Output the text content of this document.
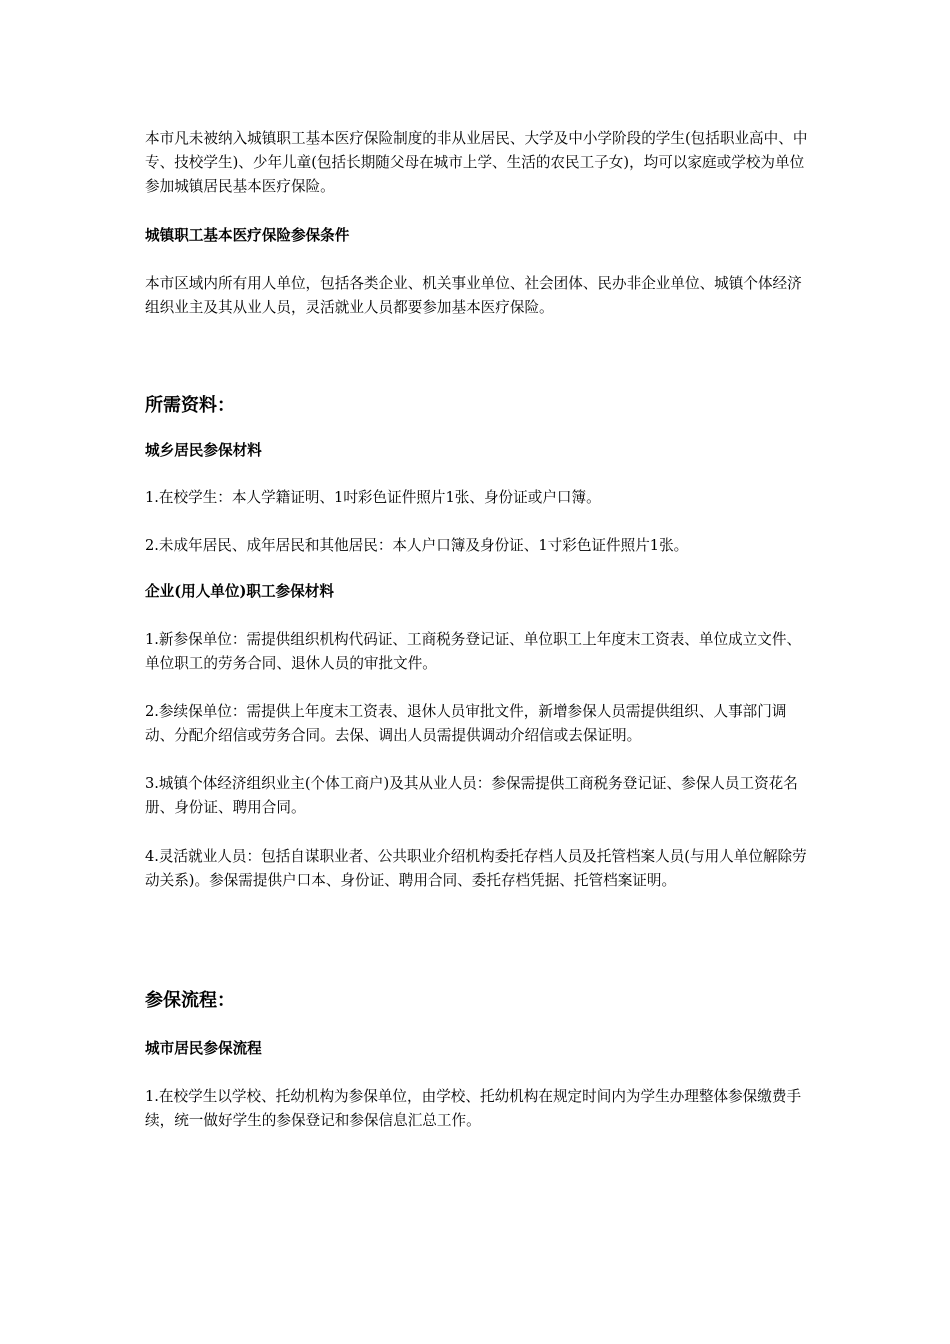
本市凡未被纳入城镇职工基本医疗保险制度的非从业居民、大学及中小学阶段的学生(包括职业高中、中专、技校学生)、少年儿童(包括长期随父母在城市上学、生活的农民工子女)，均可以家庭或学校为单位参加城镇居民基本医疗保险。

城镇职工基本医疗保险参保条件

本市区域内所有用人单位，包括各类企业、机关事业单位、社会团体、民办非企业单位、城镇个体经济组织业主及其从业人员，灵活就业人员都要参加基本医疗保险。

所需资料：

城乡居民参保材料

1.在校学生：本人学籍证明、1吋彩色证件照片1张、身份证或户口簿。

2.未成年居民、成年居民和其他居民：本人户口簿及身份证、1寸彩色证件照片1张。

企业(用人单位)职工参保材料

1.新参保单位：需提供组织机构代码证、工商税务登记证、单位职工上年度末工资表、单位成立文件、单位职工的劳务合同、退休人员的审批文件。

2.参续保单位：需提供上年度末工资表、退休人员审批文件，新增参保人员需提供组织、人事部门调动、分配介绍信或劳务合同。去保、调出人员需提供调动介绍信或去保证明。

3.城镇个体经济组织业主(个体工商户)及其从业人员：参保需提供工商税务登记证、参保人员工资花名册、身份证、聘用合同。

4.灵活就业人员：包括自谋职业者、公共职业介绍机构委托存档人员及托管档案人员(与用人单位解除劳动关系)。参保需提供户口本、身份证、聘用合同、委托存档凭据、托管档案证明。

参保流程：

城市居民参保流程

1.在校学生以学校、托幼机构为参保单位，由学校、托幼机构在规定时间内为学生办理整体参保缴费手续，统一做好学生的参保登记和参保信息汇总工作。
